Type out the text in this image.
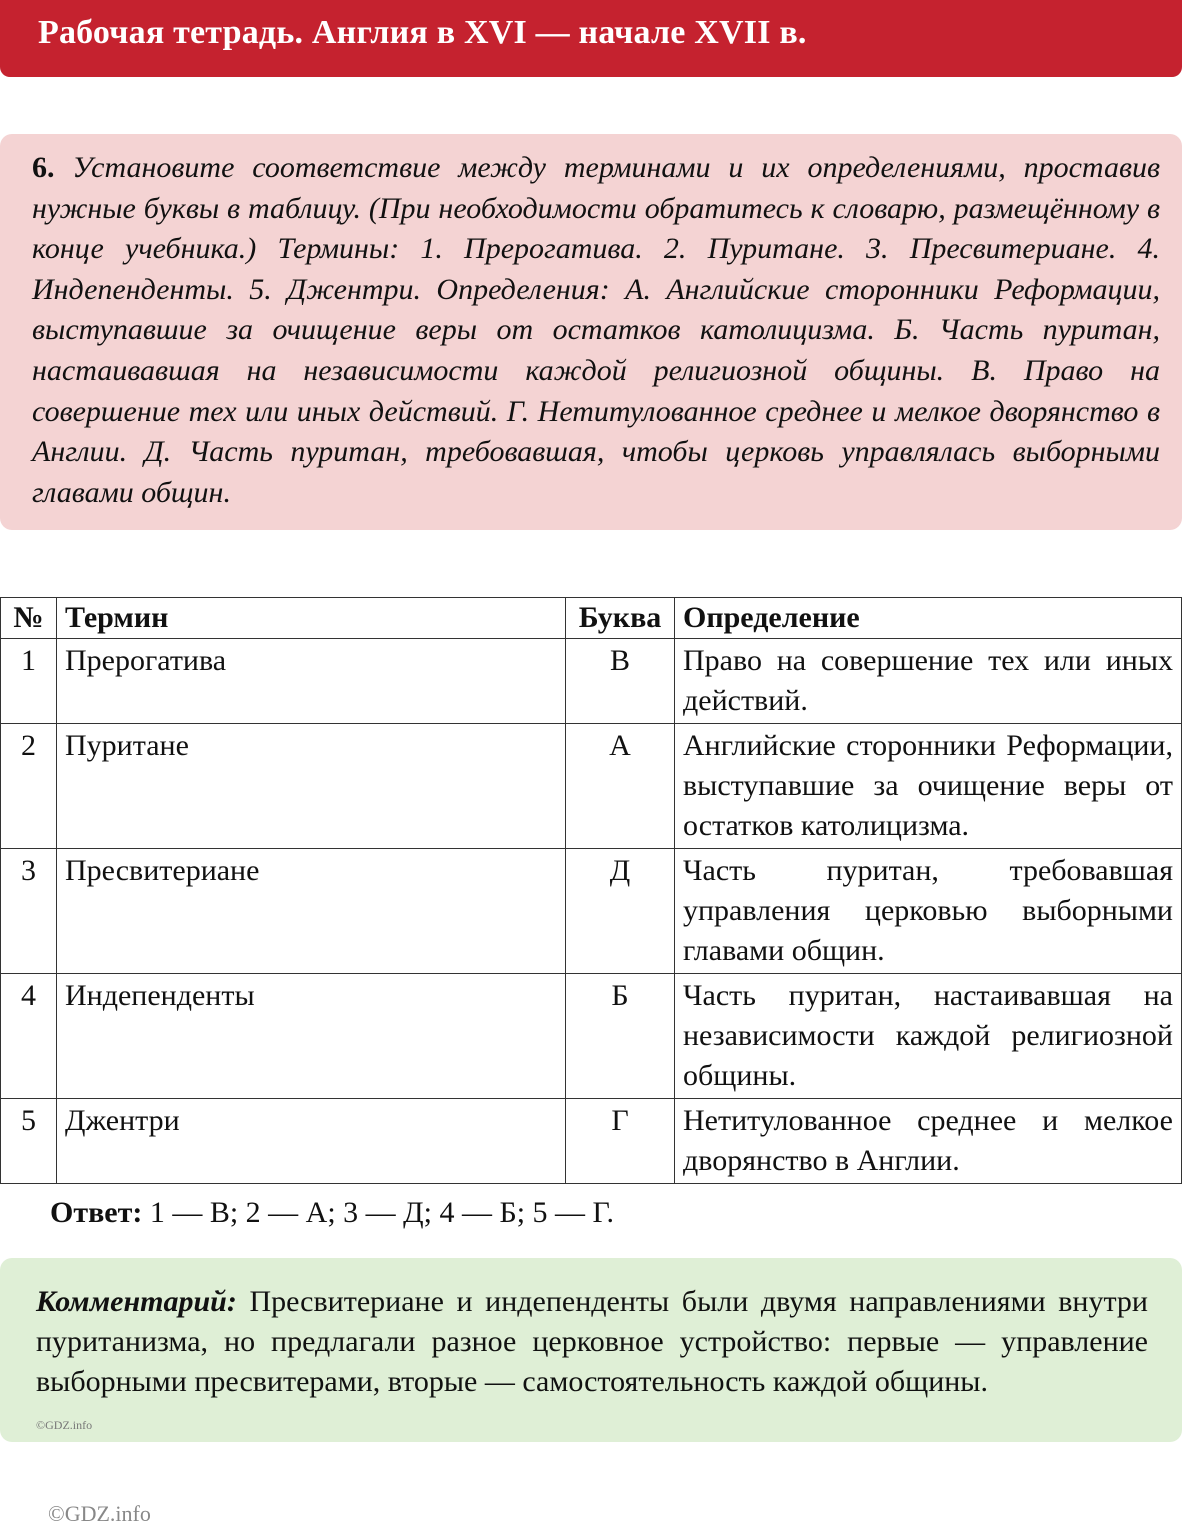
Рабочая тетрадь. Англия в XVI — начале XVII в.

6. Установите соответствие между терминами и их определениями, проставив нужные буквы в таблицу. (При необходимости обратитесь к словарю, размещённому в конце учебника.) Термины: 1. Прерогатива. 2. Пуритане. 3. Пресвитериане. 4. Индепенденты. 5. Джентри. Определения: А. Английские сторонники Реформации, выступавшие за очищение веры от остатков католицизма. Б. Часть пуритан, настаивавшая на независимости каждой религиозной общины. В. Право на совершение тех или иных действий. Г. Нетитулованное среднее и мелкое дворянство в Англии. Д. Часть пуритан, требовавшая, чтобы церковь управлялась выборными главами общин.

№	Термин	Буква	Определение
1	Прерогатива	В	Право на совершение тех или иных действий.
2	Пуритане	А	Английские сторонники Реформации, выступавшие за очищение веры от остатков католицизма.
3	Пресвитериане	Д	Часть пуритан, требовавшая управления церковью выборными главами общин.
4	Индепенденты	Б	Часть пуритан, настаивавшая на независимости каждой религиозной общины.
5	Джентри	Г	Нетитулованное среднее и мелкое дворянство в Англии.

Ответ: 1 — В; 2 — А; 3 — Д; 4 — Б; 5 — Г.

Комментарий: Пресвитериане и индепенденты были двумя направлениями внутри пуританизма, но предлагали разное церковное устройство: первые — управление выборными пресвитерами, вторые — самостоятельность каждой общины.

©GDZ.info
©GDZ.info
